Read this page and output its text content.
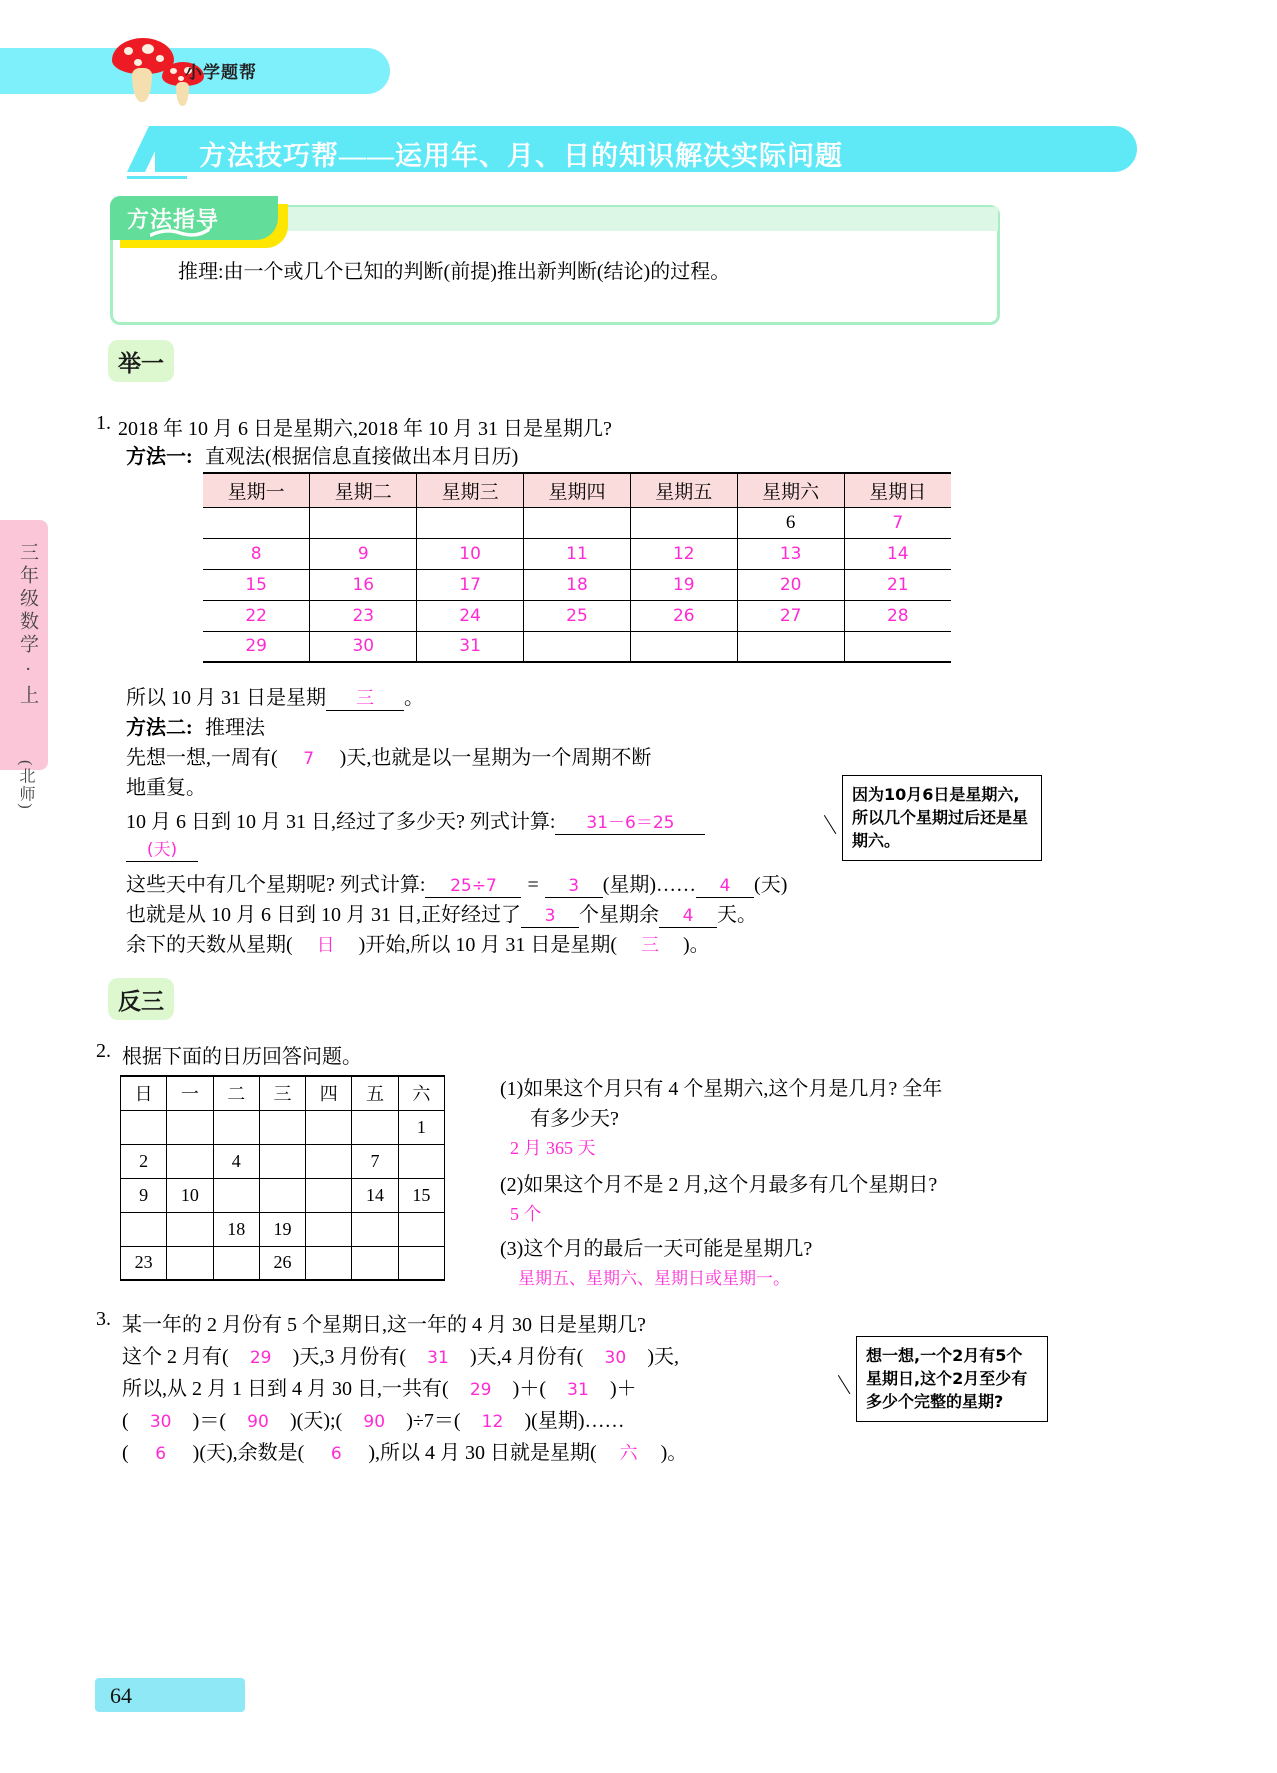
小学题帮
方法技巧帮——运用年、月、日的知识解决实际问题
方法指导
推理:由一个或几个已知的判断(前提)推出新判断(结论)的过程。
三年级数学 · 上
(北师)
举一
1. 2018 年 10 月 6 日是星期六,2018 年 10 月 31 日是星期几?
方法一: 直观法(根据信息直接做出本月日历)
星期一	星期二	星期三	星期四	星期五	星期六	星期日
					6	7
8	9	10	11	12	13	14
15	16	17	18	19	20	21
22	23	24	25	26	27	28
29	30	31				
所以 10 月 31 日是星期 三 。
方法二: 推理法
先想一想,一周有( 7 )天,也就是以一星期为一个周期不断
地重复。
10 月 6 日到 10 月 31 日,经过了多少天? 列式计算: 31－6＝25
(天)
这些天中有几个星期呢? 列式计算: 25÷7 = 3 (星期)…… 4 (天)
也就是从 10 月 6 日到 10 月 31 日,正好经过了 3 个星期余 4 天。
余下的天数从星期( 日 )开始,所以 10 月 31 日是星期( 三 )。
因为10月6日是星期六,所以几个星期过后还是星期六。
反三
2. 根据下面的日历回答问题。
日	一	二	三	四	五	六
						1
2		4			7	
9	10				14	15
		18	19			
23			26			
(1)如果这个月只有 4 个星期六,这个月是几月? 全年
有多少天?
2 月 365 天
(2)如果这个月不是 2 月,这个月最多有几个星期日?
5 个
(3)这个月的最后一天可能是星期几?
星期五、星期六、星期日或星期一。
3. 某一年的 2 月份有 5 个星期日,这一年的 4 月 30 日是星期几?
这个 2 月有( 29 )天,3 月份有( 31 )天,4 月份有( 30 )天,
所以,从 2 月 1 日到 4 月 30 日,一共有( 29 )＋( 31 )＋
( 30 )＝( 90 )(天);( 90 )÷7＝( 12 )(星期)……
( 6 )(天),余数是( 6 ),所以 4 月 30 日就是星期( 六 )。
想一想,一个2月有5个星期日,这个2月至少有多少个完整的星期?
64
